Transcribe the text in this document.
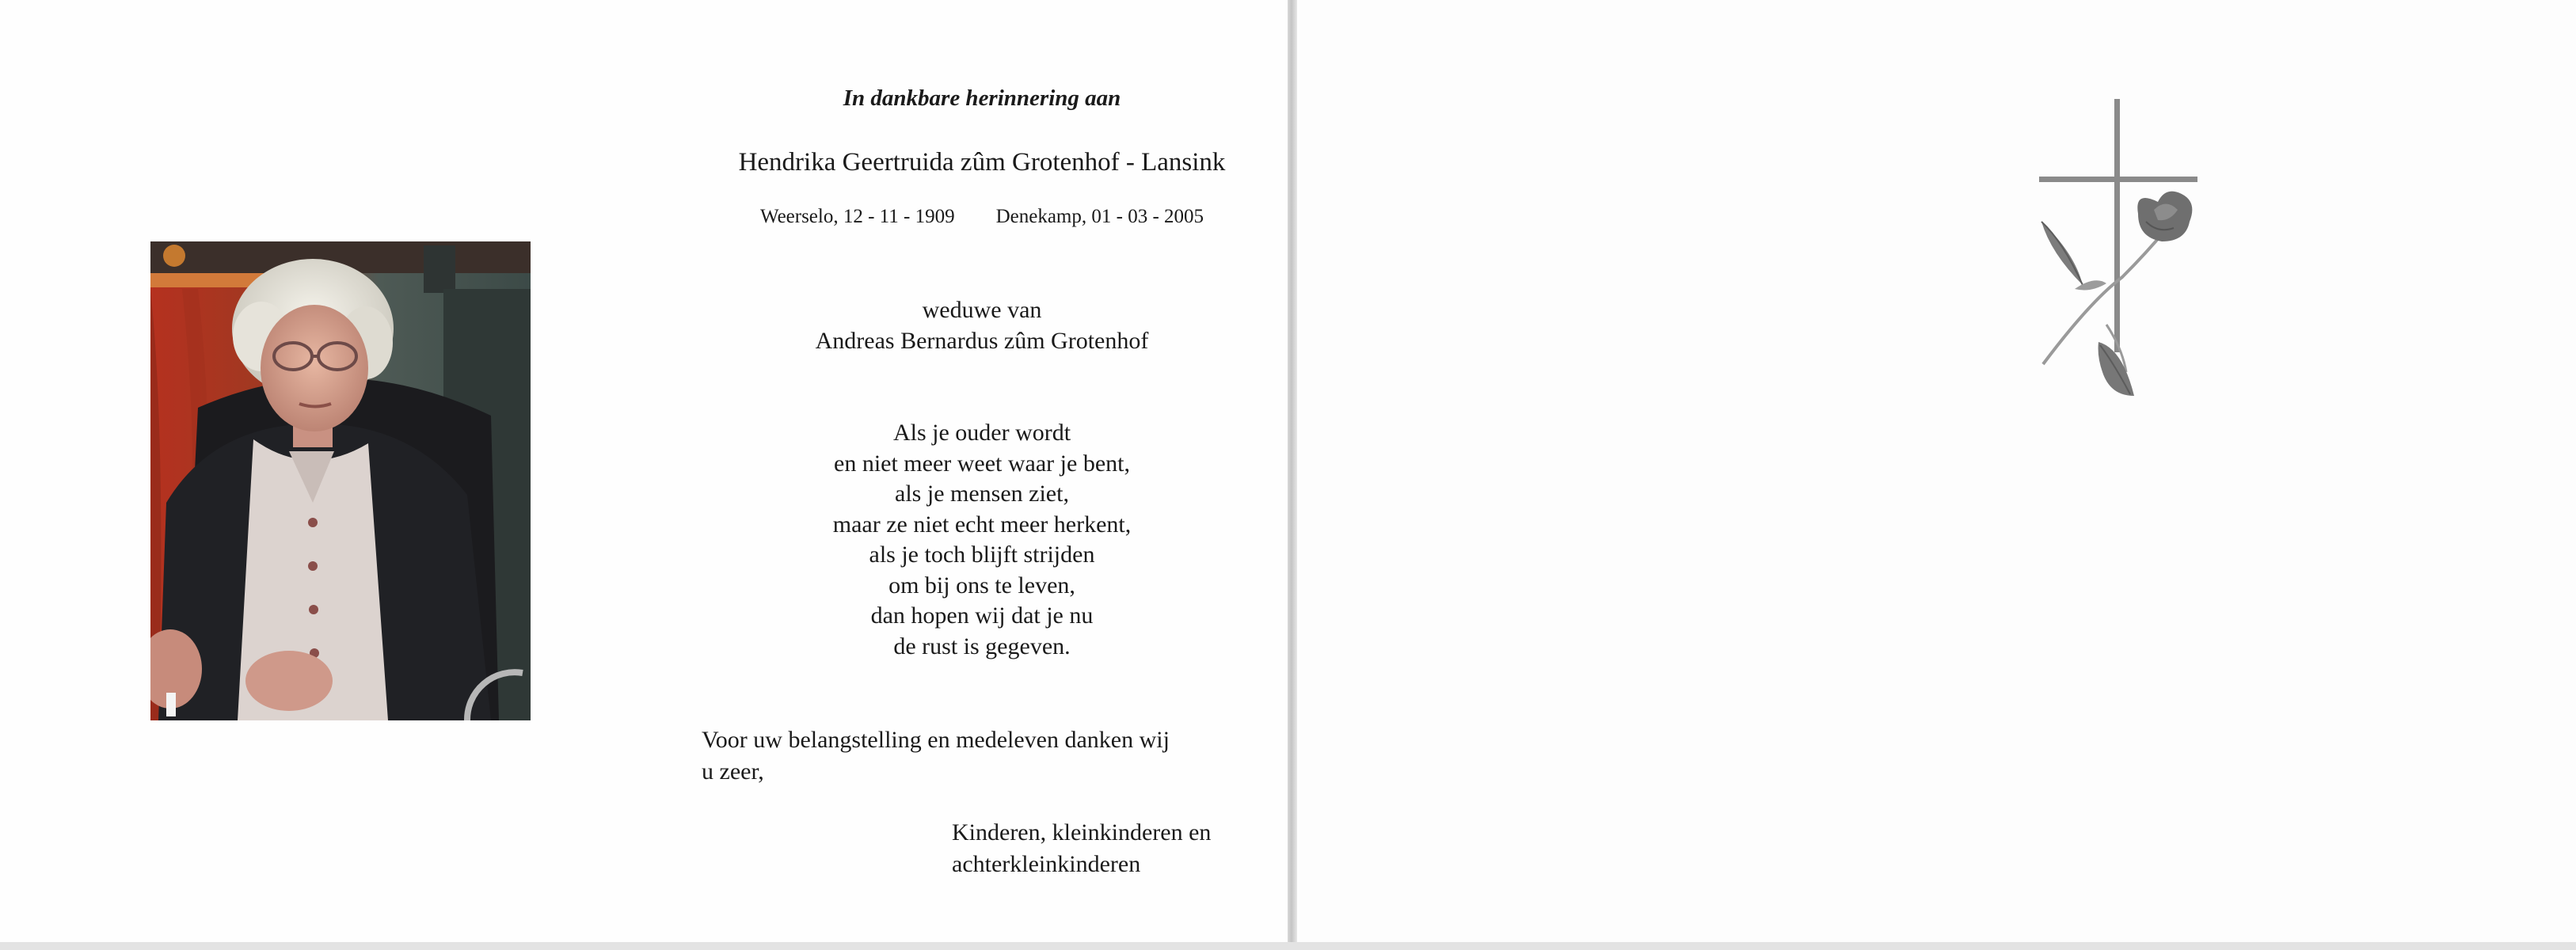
In dankbare herinnering aan
Hendrika Geertruida zûm Grotenhof - Lansink
Weerselo, 12 - 11 - 1909 Denekamp, 01 - 03 - 2005
weduwe van
Andreas Bernardus zûm Grotenhof
Als je ouder wordt
en niet meer weet waar je bent,
als je mensen ziet,
maar ze niet echt meer herkent,
als je toch blijft strijden
om bij ons te leven,
dan hopen wij dat je nu
de rust is gegeven.
Voor uw belangstelling en medeleven danken wij
u zeer,
Kinderen, kleinkinderen en
achterkleinkinderen
